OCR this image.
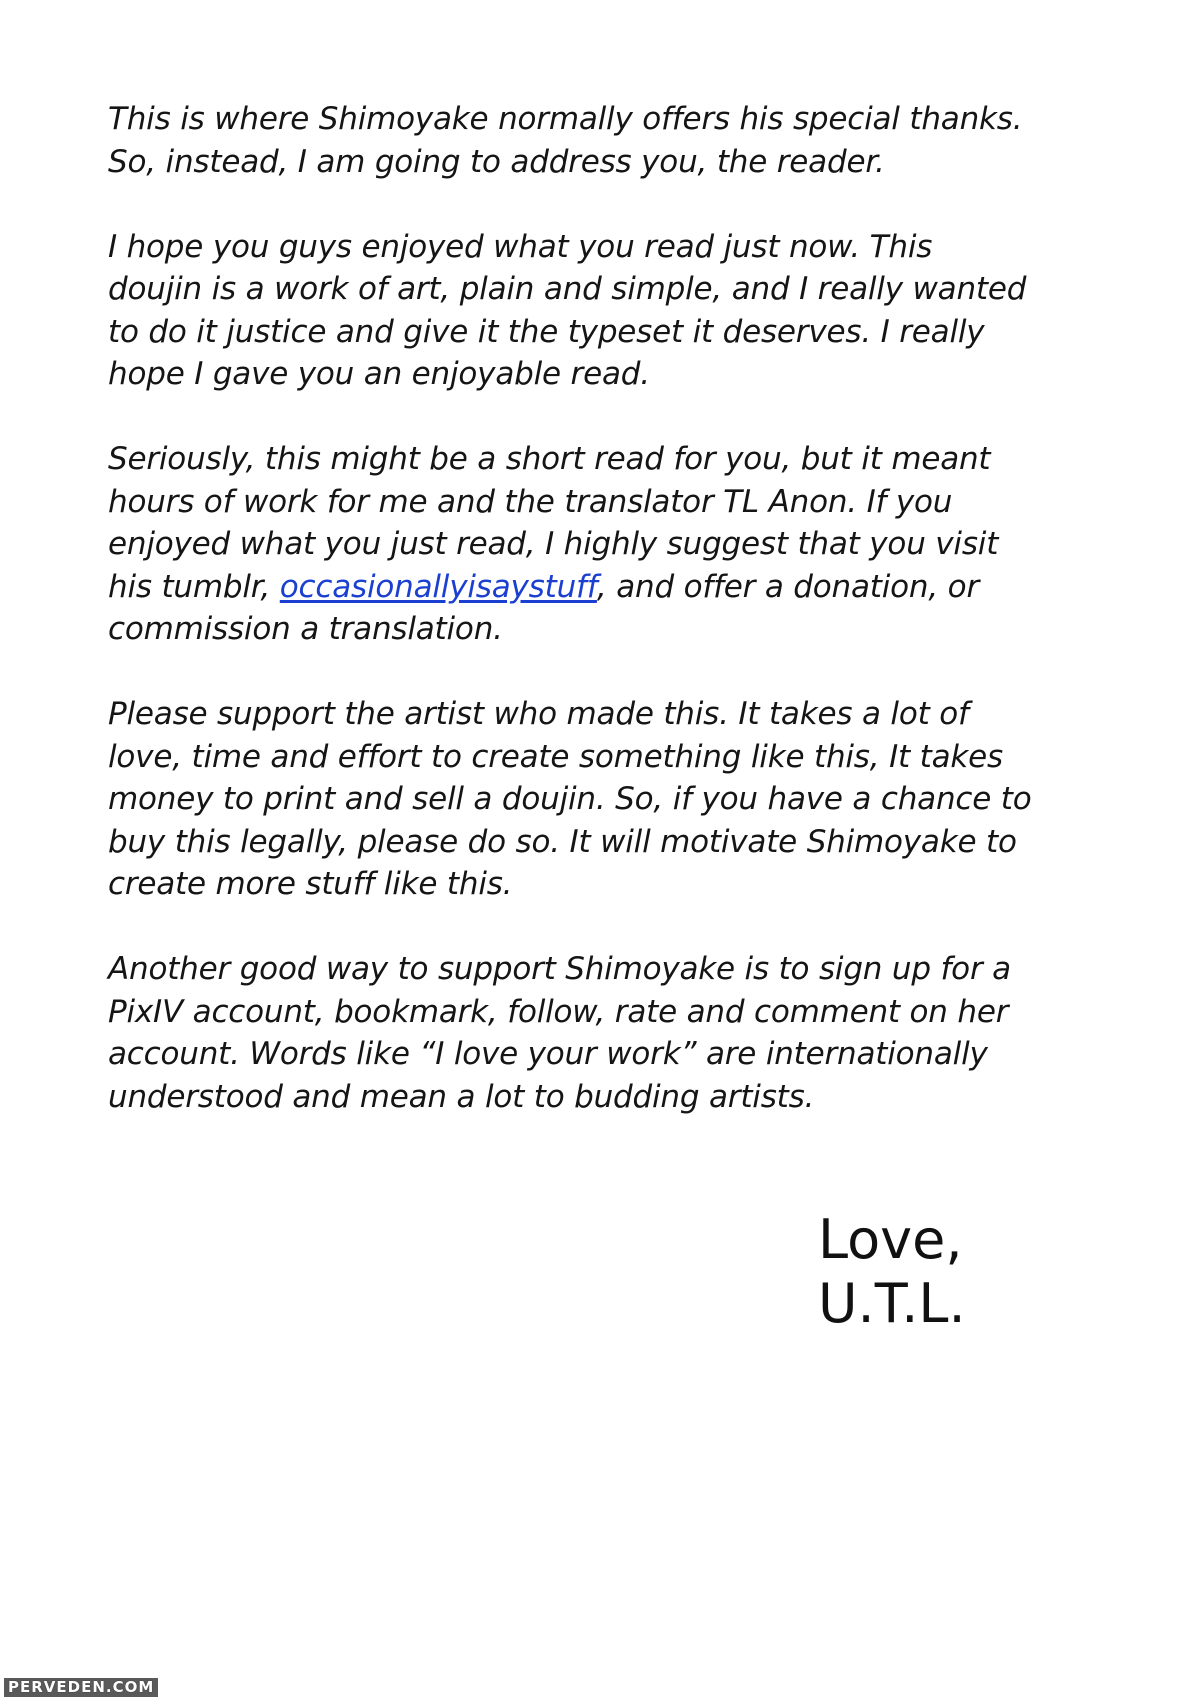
This is where Shimoyake normally offers his special thanks.
So, instead, I am going to address you, the reader.

I hope you guys enjoyed what you read just now. This
doujin is a work of art, plain and simple, and I really wanted
to do it justice and give it the typeset it deserves. I really
hope I gave you an enjoyable read.

Seriously, this might be a short read for you, but it meant
hours of work for me and the translator TL Anon. If you
enjoyed what you just read, I highly suggest that you visit
his tumblr, occasionallyisaystuff, and offer a donation, or
commission a translation.

Please support the artist who made this. It takes a lot of
love, time and effort to create something like this, It takes
money to print and sell a doujin. So, if you have a chance to
buy this legally, please do so. It will motivate Shimoyake to
create more stuff like this.

Another good way to support Shimoyake is to sign up for a
PixIV account, bookmark, follow, rate and comment on her
account. Words like “I love your work” are internationally
understood and mean a lot to budding artists.

Love,
U.T.L.
PERVEDEN.COM
